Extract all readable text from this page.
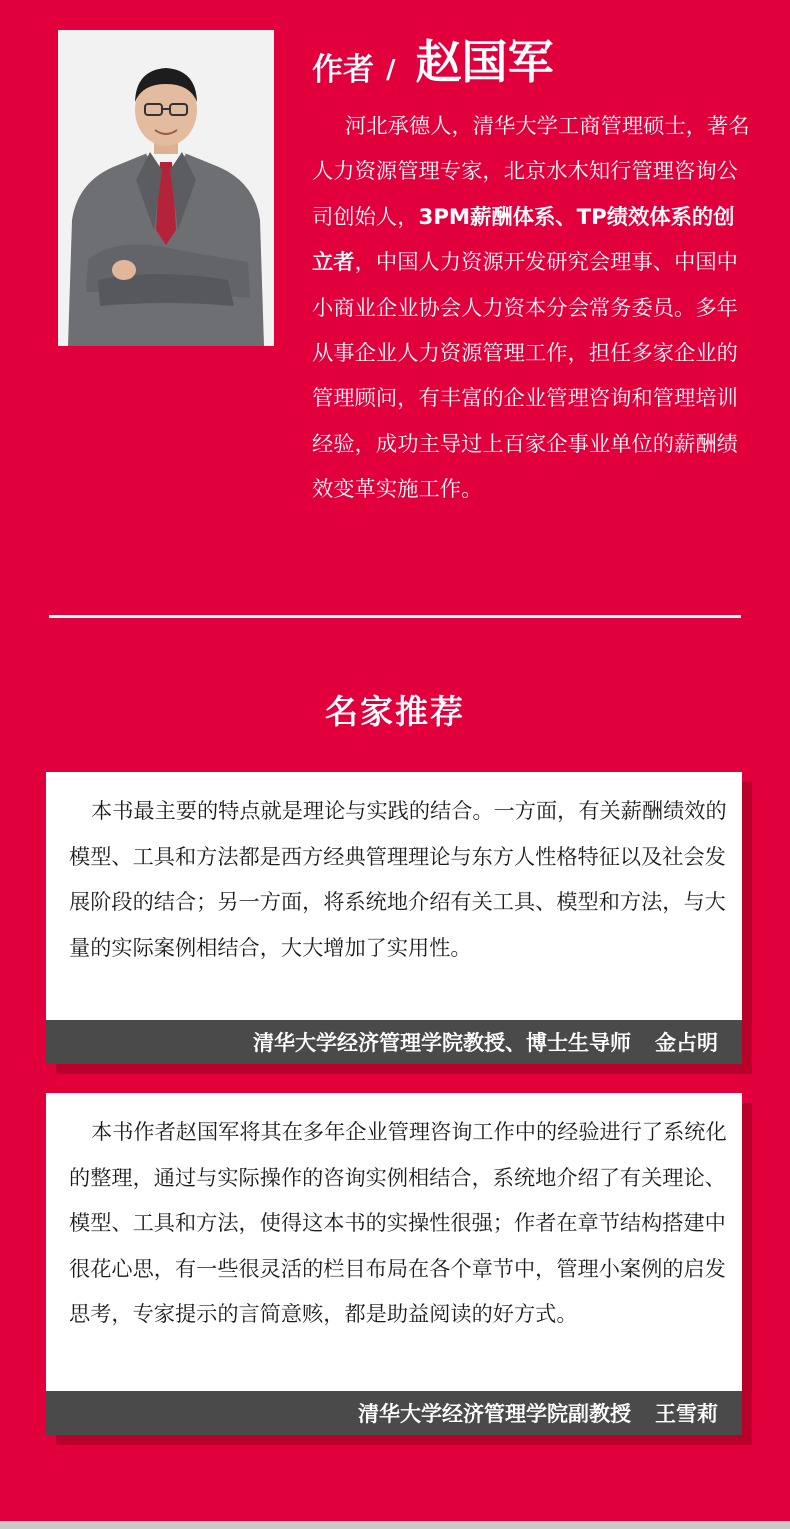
作者 / 赵国军

河北承德人，清华大学工商管理硕士，著名人力资源管理专家，北京水木知行管理咨询公司创始人，3PM薪酬体系、TP绩效体系的创立者，中国人力资源开发研究会理事、中国中小商业企业协会人力资本分会常务委员。多年从事企业人力资源管理工作，担任多家企业的管理顾问，有丰富的企业管理咨询和管理培训经验，成功主导过上百家企事业单位的薪酬绩效变革实施工作。

名家推荐

本书最主要的特点就是理论与实践的结合。一方面，有关薪酬绩效的模型、工具和方法都是西方经典管理理论与东方人性格特征以及社会发展阶段的结合；另一方面，将系统地介绍有关工具、模型和方法，与大量的实际案例相结合，大大增加了实用性。

清华大学经济管理学院教授、博士生导师 金占明

本书作者赵国军将其在多年企业管理咨询工作中的经验进行了系统化的整理，通过与实际操作的咨询实例相结合，系统地介绍了有关理论、模型、工具和方法，使得这本书的实操性很强；作者在章节结构搭建中很花心思，有一些很灵活的栏目布局在各个章节中，管理小案例的启发思考，专家提示的言简意赅，都是助益阅读的好方式。

清华大学经济管理学院副教授 王雪莉
